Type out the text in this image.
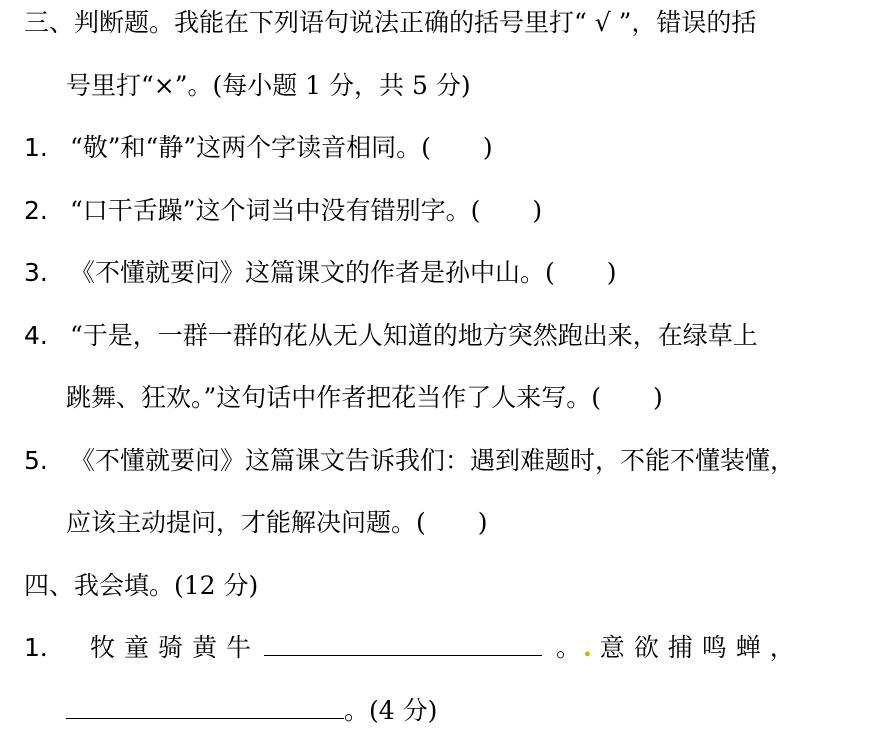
三、判断题。我能在下列语句说法正确的括号里打“ √ ”，错误的括
号里打“×”。(每小题 1 分，共 5 分)
1. “敬”和“静”这两个字读音相同。( )
2. “口干舌躁”这个词当中没有错别字。( )
3. 《不懂就要问》这篇课文的作者是孙中山。( )
4. “于是，一群一群的花从无人知道的地方突然跑出来，在绿草上
跳舞、狂欢。”这句话中作者把花当作了人来写。( )
5. 《不懂就要问》这篇课文告诉我们：遇到难题时，不能不懂装懂，
应该主动提问，才能解决问题。( )
四、我会填。(12 分)
1． 牧童骑黄牛	。. 意欲捕鸣蝉，
。(4 分)
